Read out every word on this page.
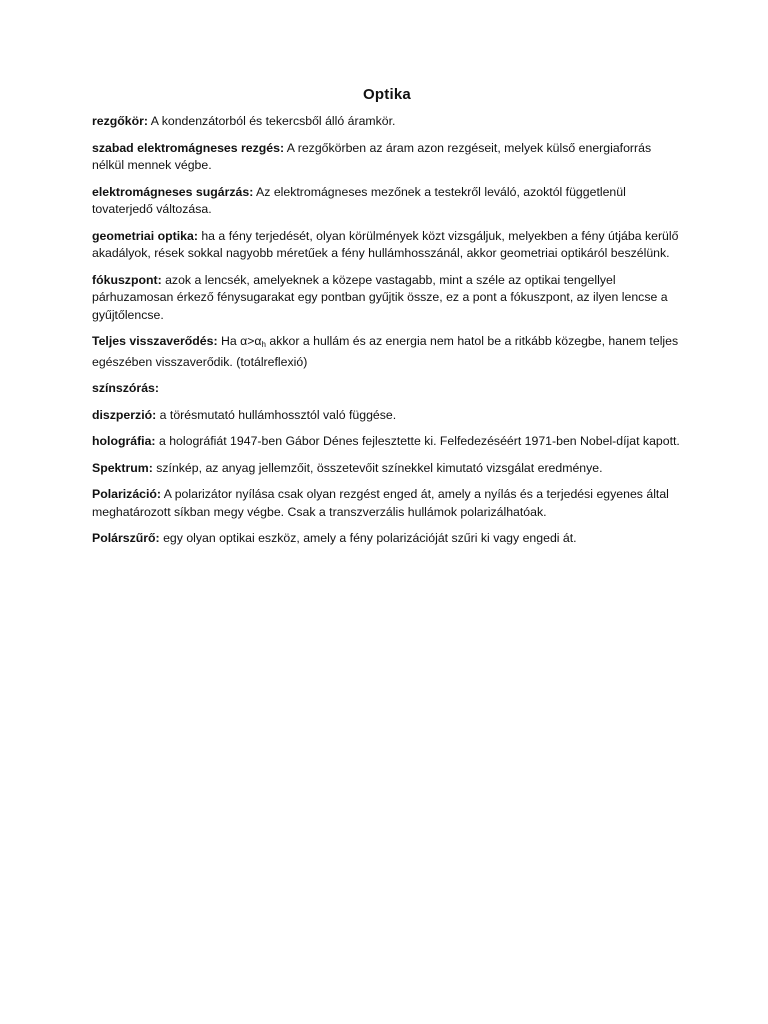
Optika

rezgőkör: A kondenzátorból és tekercsből álló áramkör.

szabad elektromágneses rezgés: A rezgőkörben az áram azon rezgéseit, melyek külső energiaforrás nélkül mennek végbe.

elektromágneses sugárzás: Az elektromágneses mezőnek a testekről leváló, azoktól függetlenül tovaterjedő változása.

geometriai optika: ha a fény terjedését, olyan körülmények közt vizsgáljuk, melyekben a fény útjába kerülő akadályok, rések sokkal nagyobb méretűek a fény hullámhosszánál, akkor geometriai optikáról beszélünk.

fókuszpont: azok a lencsék, amelyeknek a közepe vastagabb, mint a széle az optikai tengellyel párhuzamosan érkező fénysugarakat egy pontban gyűjtik össze, ez a pont a fókuszpont, az ilyen lencse a gyűjtőlencse.

Teljes visszaverődés: Ha $\alpha>\alpha_h$ akkor a hullám és az energia nem hatol be a ritkább közegbe, hanem teljes egészében visszaverődik. (totálreflexió)

színszórás:

diszperzió: a törésmutató hullámhossztól való függése.

holográfia: a holográfiát 1947-ben Gábor Dénes fejlesztette ki. Felfedezéséért 1971-ben Nobel-díjat kapott.

Spektrum: színkép, az anyag jellemzőit, összetevőit színekkel kimutató vizsgálat eredménye.

Polarizáció: A polarizátor nyílása csak olyan rezgést enged át, amely a nyílás és a terjedési egyenes által meghatározott síkban megy végbe. Csak a transzverzális hullámok polarizálhatóak.

Polárszűrő: egy olyan optikai eszköz, amely a fény polarizációját szűri ki vagy engedi át.
